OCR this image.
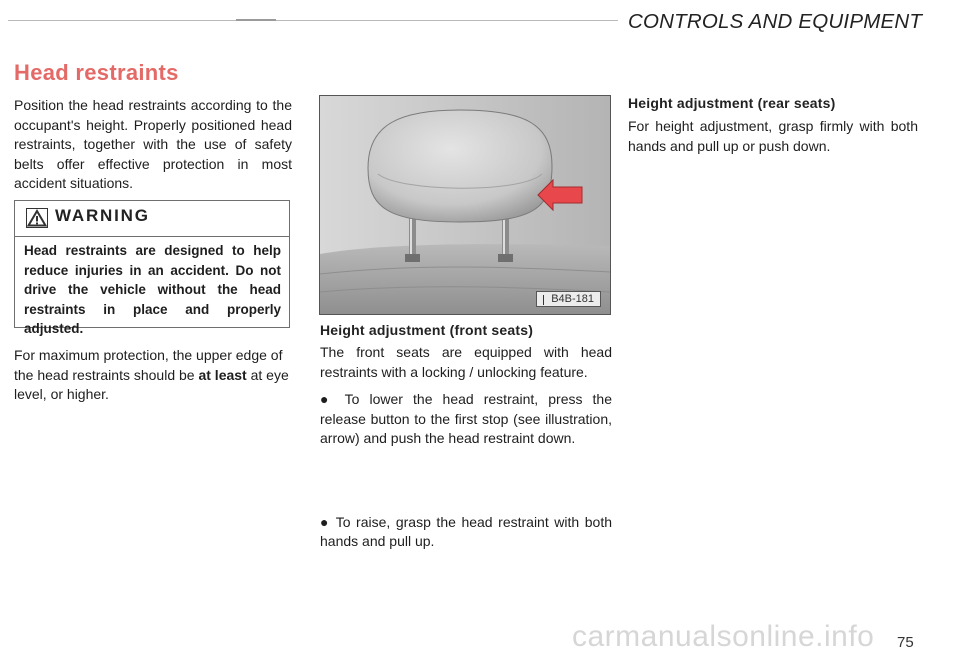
CONTROLS AND EQUIPMENT
Head restraints
Position the head restraints according to the occupant's height. Properly positioned head restraints, together with the use of safety belts offer effective protection in most accident situations.
WARNING
Head restraints are designed to help reduce injuries in an accident. Do not drive the vehicle without the head restraints in place and properly adjusted.
For maximum protection, the upper edge of the head restraints should be at least at eye level, or higher.
B4B-181
Height adjustment (front seats)
The front seats are equipped with head restraints with a locking / unlocking feature.
● To lower the head restraint, press the release button to the first stop (see illustration, arrow) and push the head restraint down.
● To raise, grasp the head restraint with both hands and pull up.
Height adjustment (rear seats)
For height adjustment, grasp firmly with both hands and pull up or push down.
carmanualsonline.info 75
